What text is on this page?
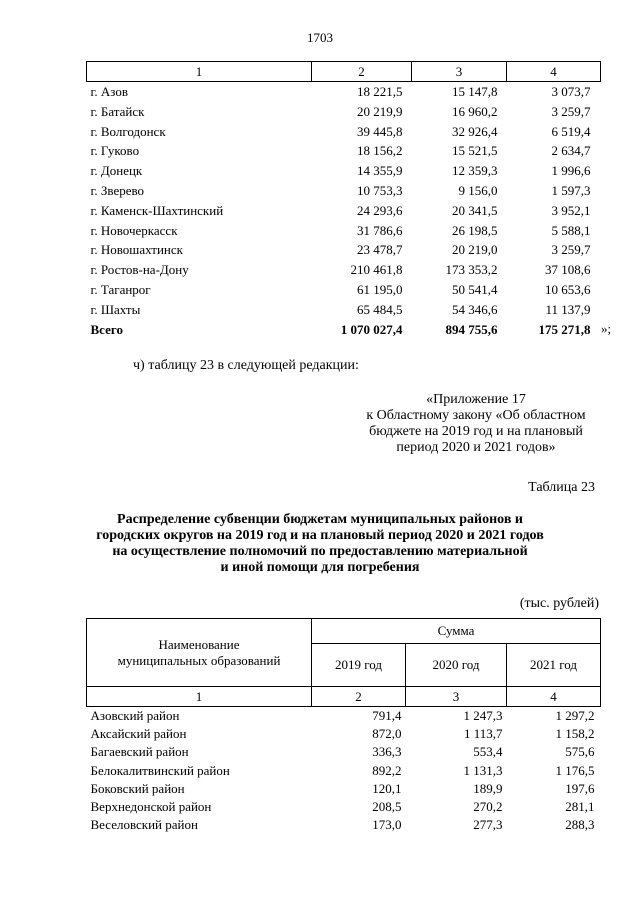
1703
1	2	3	4
г. Азов	18 221,5	15 147,8	3 073,7
г. Батайск	20 219,9	16 960,2	3 259,7
г. Волгодонск	39 445,8	32 926,4	6 519,4
г. Гуково	18 156,2	15 521,5	2 634,7
г. Донецк	14 355,9	12 359,3	1 996,6
г. Зверево	10 753,3	9 156,0	1 597,3
г. Каменск-Шахтинский	24 293,6	20 341,5	3 952,1
г. Новочеркасск	31 786,6	26 198,5	5 588,1
г. Новошахтинск	23 478,7	20 219,0	3 259,7
г. Ростов-на-Дону	210 461,8	173 353,2	37 108,6
г. Таганрог	61 195,0	50 541,4	10 653,6
г. Шахты	65 484,5	54 346,6	11 137,9
Всего	1 070 027,4	894 755,6	175 271,8 »;
ч) таблицу 23 в следующей редакции:
«Приложение 17
к Областному закону «Об областном
бюджете на 2019 год и на плановый
период 2020 и 2021 годов»
Таблица 23
Распределение субвенции бюджетам муниципальных районов и
городских округов на 2019 год и на плановый период 2020 и 2021 годов
на осуществление полномочий по предоставлению материальной
и иной помощи для погребения
(тыс. рублей)
Наименование
муниципальных образований	Сумма		
	2019 год	2020 год	2021 год
1	2	3	4
Азовский район	791,4	1 247,3	1 297,2
Аксайский район	872,0	1 113,7	1 158,2
Багаевский район	336,3	553,4	575,6
Белокалитвинский район	892,2	1 131,3	1 176,5
Боковский район	120,1	189,9	197,6
Верхнедонской район	208,5	270,2	281,1
Веселовский район	173,0	277,3	288,3
